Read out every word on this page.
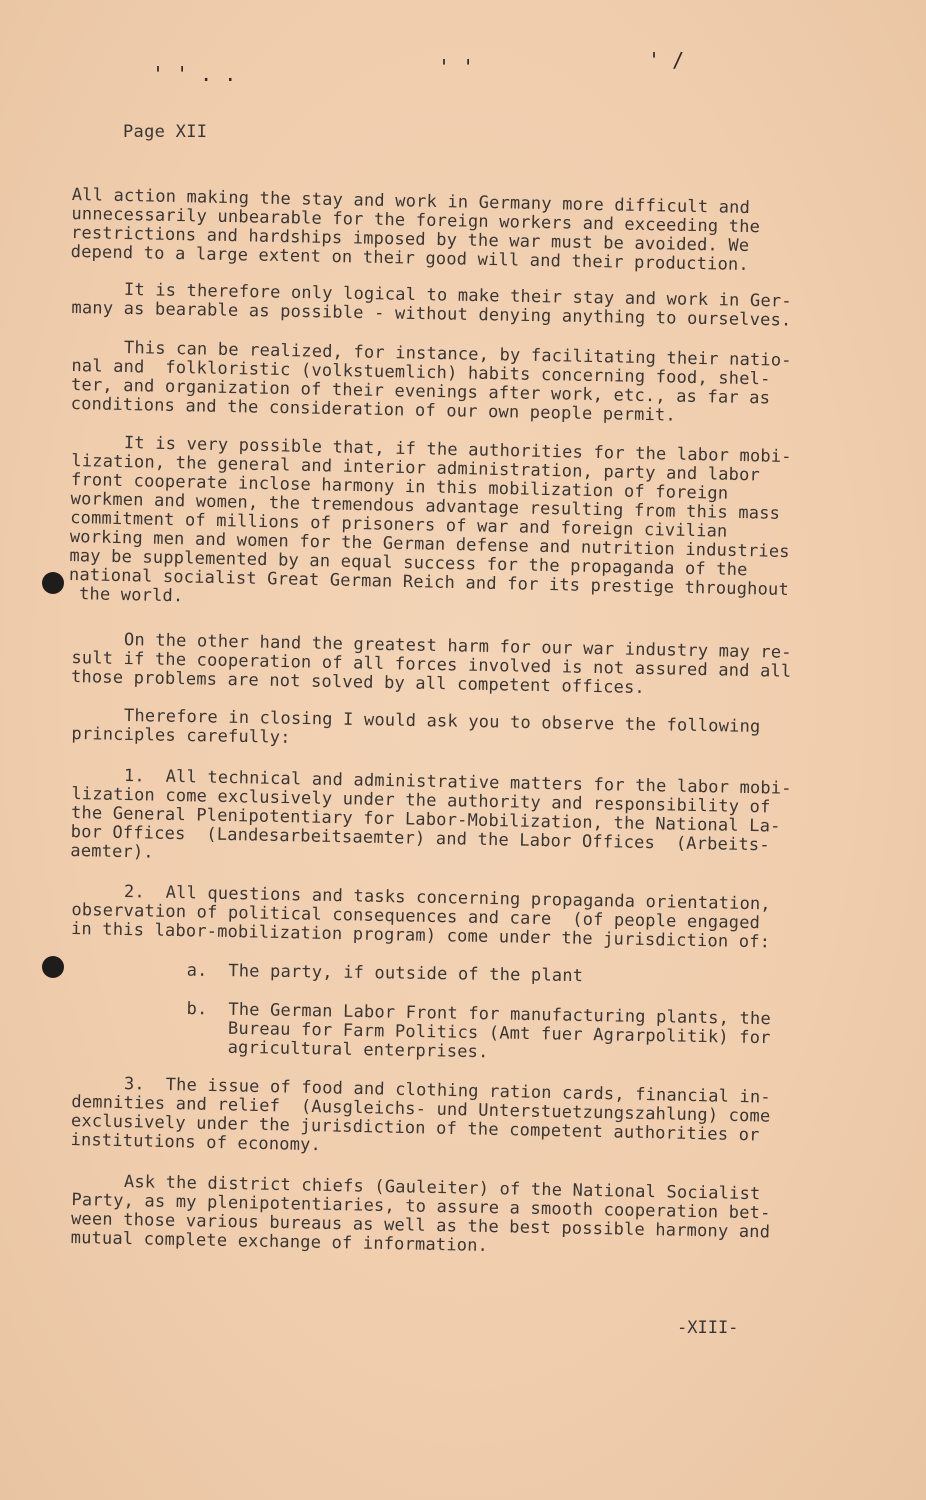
' ' . .	' '	' /
Page XII
All action making the stay and work in Germany more difficult and
unnecessarily unbearable for the foreign workers and exceeding the
restrictions and hardships imposed by the war must be avoided. We
depend to a large extent on their good will and their production.
It is therefore only logical to make their stay and work in Ger-
many as bearable as possible - without denying anything to ourselves.
This can be realized, for instance, by facilitating their natio-
nal and  folkloristic (volkstuemlich) habits concerning food, shel-
ter, and organization of their evenings after work, etc., as far as
conditions and the consideration of our own people permit.
It is very possible that, if the authorities for the labor mobi-
lization, the general and interior administration, party and labor
front cooperate inclose harmony in this mobilization of foreign
workmen and women, the tremendous advantage resulting from this mass
commitment of millions of prisoners of war and foreign civilian
working men and women for the German defense and nutrition industries
may be supplemented by an equal success for the propaganda of the
national socialist Great German Reich and for its prestige throughout
the world.
On the other hand the greatest harm for our war industry may re-
sult if the cooperation of all forces involved is not assured and all
those problems are not solved by all competent offices.
Therefore in closing I would ask you to observe the following
principles carefully:
1.  All technical and administrative matters for the labor mobi-
lization come exclusively under the authority and responsibility of
the General Plenipotentiary for Labor-Mobilization, the National La-
bor Offices  (Landesarbeitsaemter) and the Labor Offices  (Arbeits-
aemter).
2.  All questions and tasks concerning propaganda orientation,
observation of political consequences and care  (of people engaged
in this labor-mobilization program) come under the jurisdiction of:
a.  The party, if outside of the plant
b.  The German Labor Front for manufacturing plants, the
Bureau for Farm Politics (Amt fuer Agrarpolitik) for
agricultural enterprises.
3.  The issue of food and clothing ration cards, financial in-
demnities and relief  (Ausgleichs- und Unterstuetzungszahlung) come
exclusively under the jurisdiction of the competent authorities or
institutions of economy.
Ask the district chiefs (Gauleiter) of the National Socialist
Party, as my plenipotentiaries, to assure a smooth cooperation bet-
ween those various bureaus as well as the best possible harmony and
mutual complete exchange of information.
-XIII-
